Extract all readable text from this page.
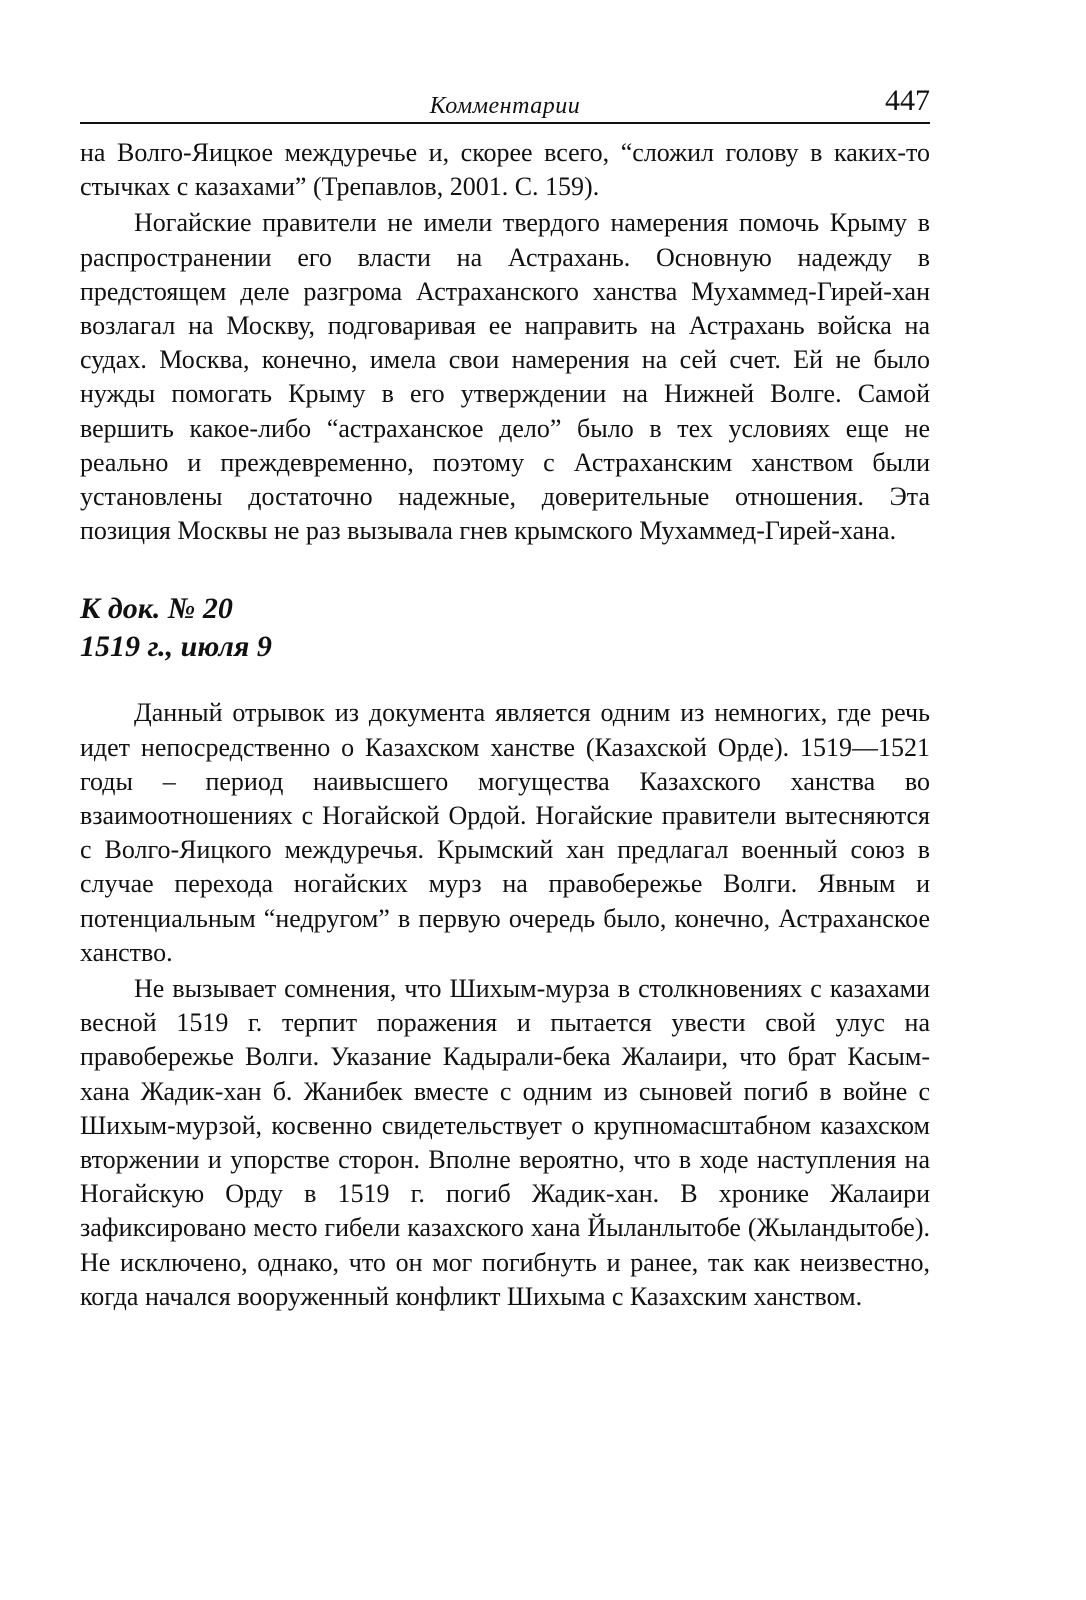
Комментарии	447

на Волго-Яицкое междуречье и, скорее всего, “сложил голову в каких-то стычках с казахами” (Трепавлов, 2001. С. 159).

Ногайские правители не имели твердого намерения помочь Крыму в распространении его власти на Астрахань. Основную надежду в предстоящем деле разгрома Астраханского ханства Мухаммед-Гирей-хан возлагал на Москву, подговаривая ее направить на Астрахань войска на судах. Москва, конечно, имела свои намерения на сей счет. Ей не было нужды помогать Крыму в его утверждении на Нижней Волге. Самой вершить какое-либо “астраханское дело” было в тех условиях еще не реально и преждевременно, поэтому с Астраханским ханством были установлены достаточно надежные, доверительные отношения. Эта позиция Москвы не раз вызывала гнев крымского Мухаммед-Гирей-хана.

К док. № 20
1519 г., июля 9

Данный отрывок из документа является одним из немногих, где речь идет непосредственно о Казахском ханстве (Казахской Орде). 1519—1521 годы – период наивысшего могущества Казахского ханства во взаимоотношениях с Ногайской Ордой. Ногайские правители вытесняются с Волго-Яицкого междуречья. Крымский хан предлагал военный союз в случае перехода ногайских мурз на правобережье Волги. Явным и потенциальным “недругом” в первую очередь было, конечно, Астраханское ханство.

Не вызывает сомнения, что Шихым-мурза в столкновениях с казахами весной 1519 г. терпит поражения и пытается увести свой улус на правобережье Волги. Указание Кадырали-бека Жалаири, что брат Касым-хана Жадик-хан б. Жанибек вместе с одним из сыновей погиб в войне с Шихым-мурзой, косвенно свидетельствует о крупномасштабном казахском вторжении и упорстве сторон. Вполне вероятно, что в ходе наступления на Ногайскую Орду в 1519 г. погиб Жадик-хан. В хронике Жалаири зафиксировано место гибели казахского хана Йыланлытобе (Жыландытобе). Не исключено, однако, что он мог погибнуть и ранее, так как неизвестно, когда начался вооруженный конфликт Шихыма с Казахским ханством.
